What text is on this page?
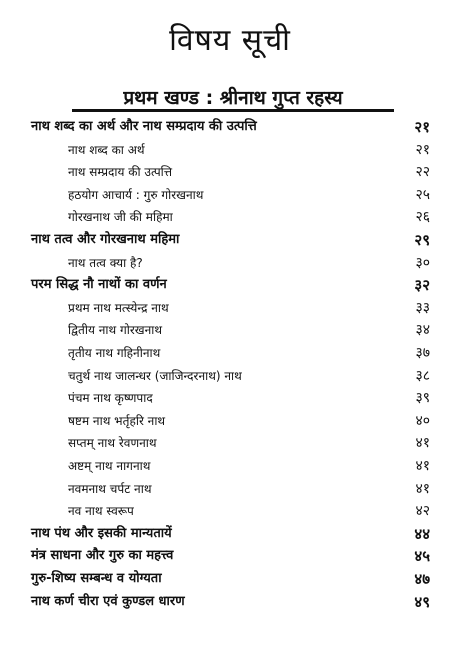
विषय सूची
प्रथम खण्ड : श्रीनाथ गुप्त रहस्य
नाथ शब्द का अर्थ और नाथ सम्प्रदाय की उत्पत्ति	२१
नाथ शब्द का अर्थ	२१
नाथ सम्प्रदाय की उत्पत्ति	२२
हठयोग आचार्य : गुरु गोरखनाथ	२५
गोरखनाथ जी की महिमा	२६
नाथ तत्व और गोरखनाथ महिमा	२९
नाथ तत्व क्या है?	३०
परम सिद्ध नौ नाथों का वर्णन	३२
प्रथम नाथ मत्स्येन्द्र नाथ	३३
द्वितीय नाथ गोरखनाथ	३४
तृतीय नाथ गहिनीनाथ	३७
चतुर्थ नाथ जालन्धर (जाजिन्दरनाथ) नाथ	३८
पंचम नाथ कृष्णपाद	३९
षष्टम नाथ भर्तृहरि नाथ	४०
सप्तम् नाथ रेवणनाथ	४१
अष्टम् नाथ नागनाथ	४१
नवमनाथ चर्पट नाथ	४१
नव नाथ स्वरूप	४२
नाथ पंथ और इसकी मान्यतायें	४४
मंत्र साधना और गुरु का महत्त्व	४५
गुरु-शिष्य सम्बन्ध व योग्यता	४७
नाथ कर्ण चीरा एवं कुण्डल धारण	४९
